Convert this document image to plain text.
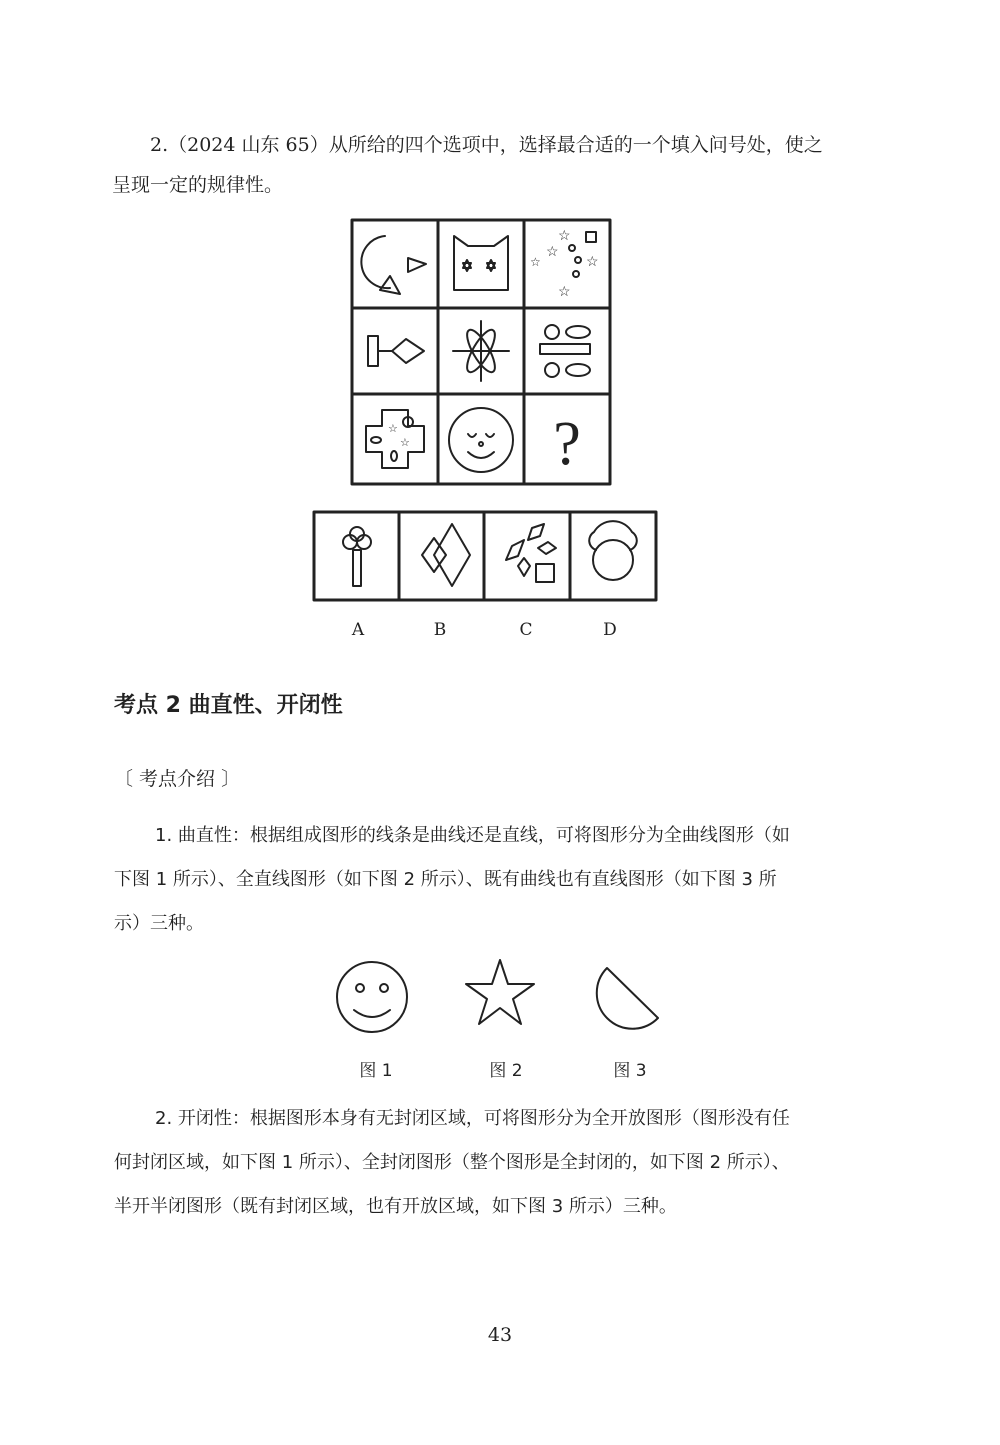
2.（2024 山东 65）从所给的四个选项中，选择最合适的一个填入问号处，使之
呈现一定的规律性。
☆
☆
☆	☆
☆
☆
☆ ?
A	B	C	D
考点 2 曲直性、开闭性
〔 考点介绍 〕
1. 曲直性：根据组成图形的线条是曲线还是直线，可将图形分为全曲线图形（如
下图 1 所示）、全直线图形（如下图 2 所示）、既有曲线也有直线图形（如下图 3 所
示）三种。
图 1	图 2	图 3
2. 开闭性：根据图形本身有无封闭区域，可将图形分为全开放图形（图形没有任
何封闭区域，如下图 1 所示）、全封闭图形（整个图形是全封闭的，如下图 2 所示）、
半开半闭图形（既有封闭区域，也有开放区域，如下图 3 所示）三种。
43
